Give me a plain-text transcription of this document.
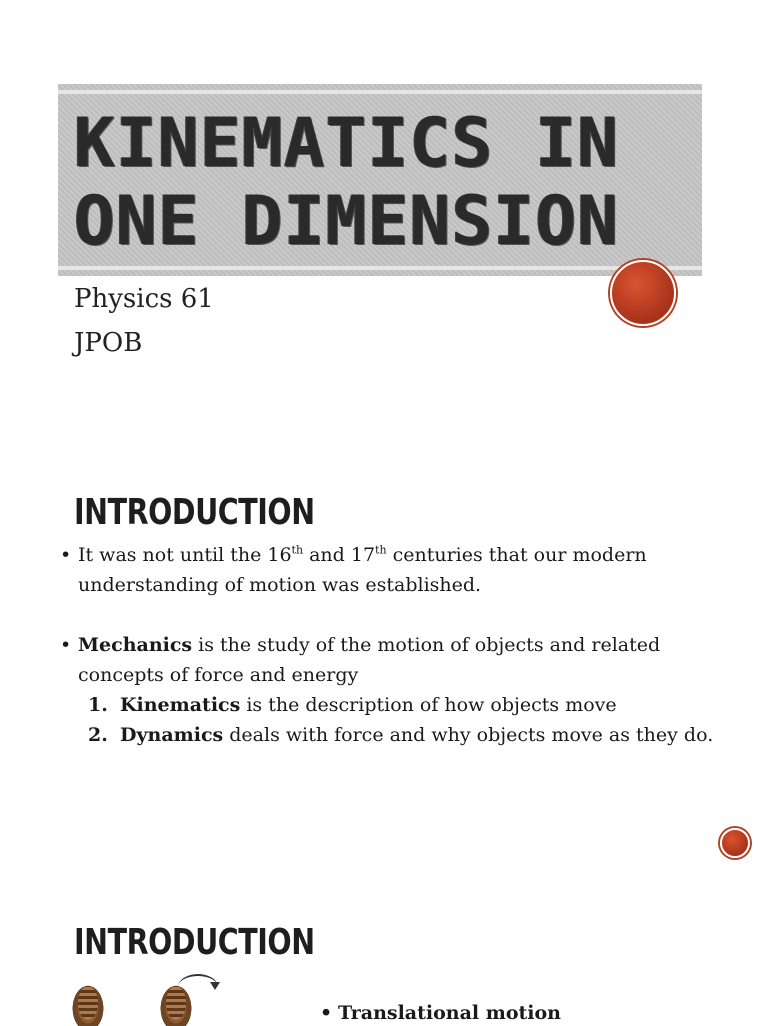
KINEMATICS IN
ONE DIMENSION

Physics 61

JPOB

INTRODUCTION

• It was not until the 16th and 17th centuries that our modern understanding of motion was established.

• Mechanics is the study of the motion of objects and related concepts of force and energy

1. Kinematics is the description of how objects move

2. Dynamics deals with force and why objects move as they do.

INTRODUCTION

• Translational motion
